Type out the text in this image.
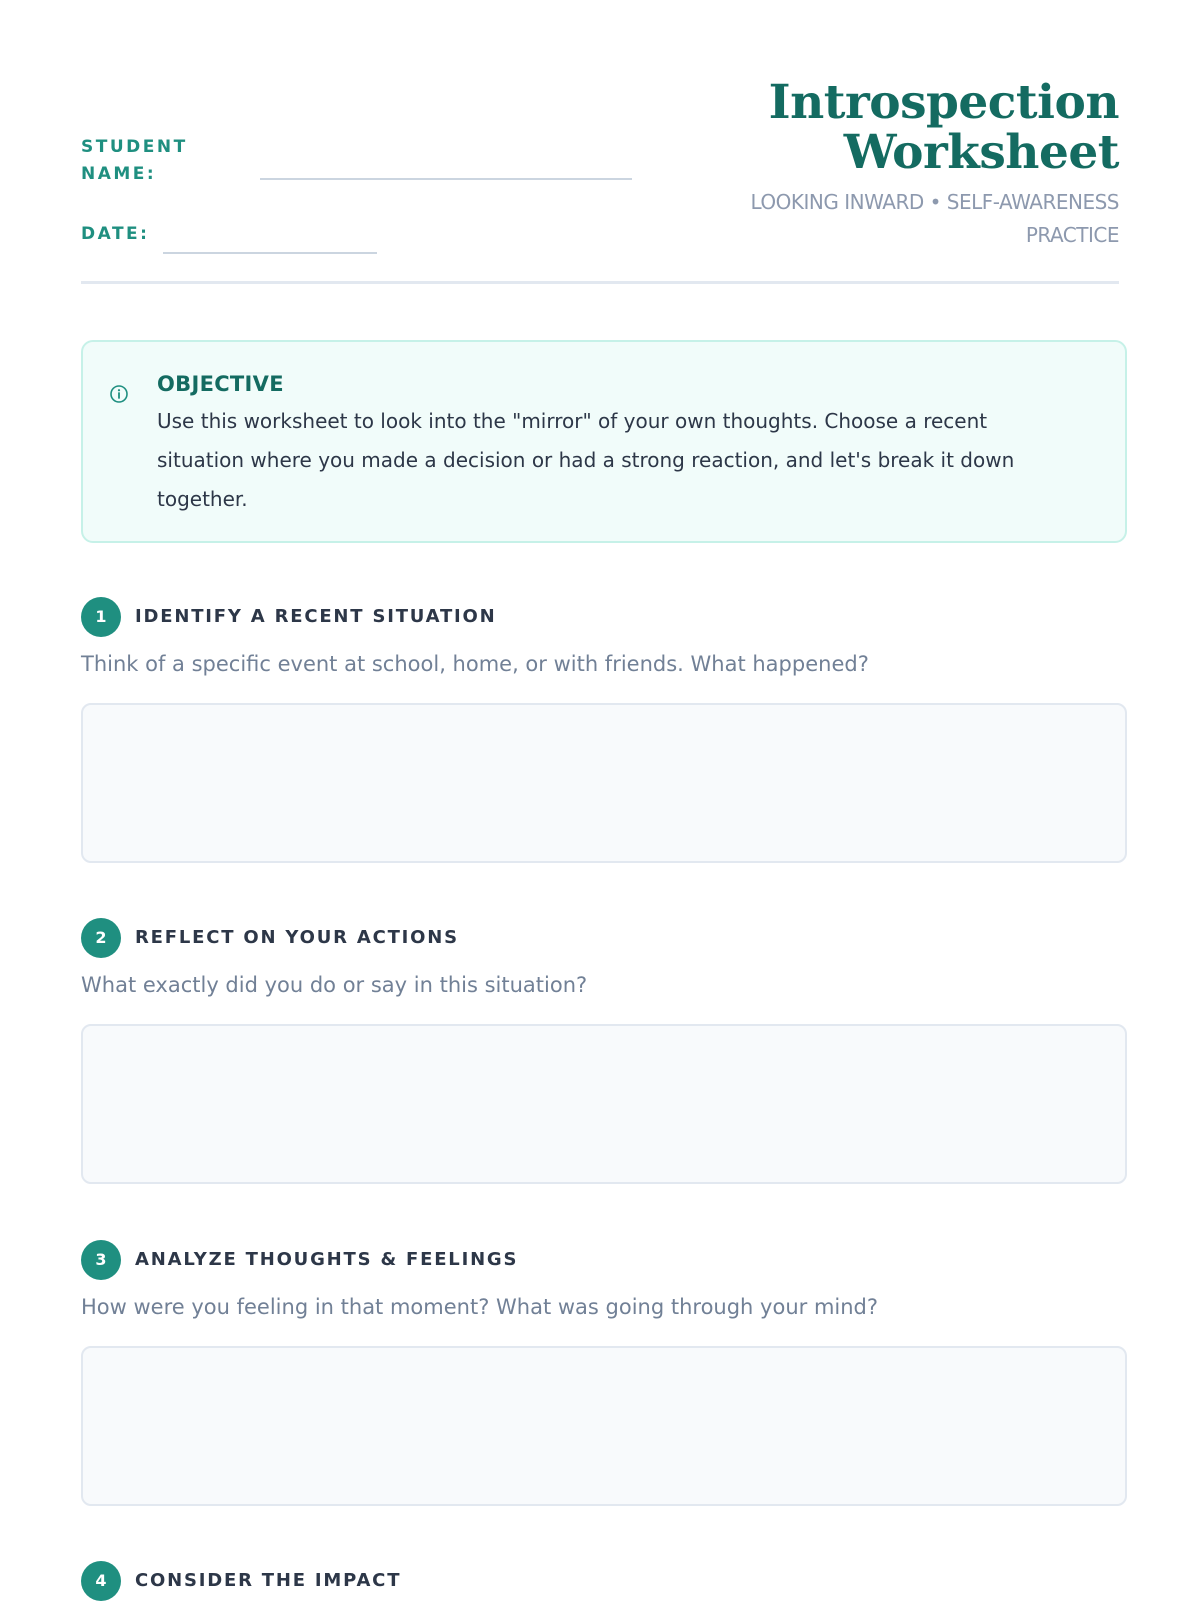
STUDENT NAME:
DATE:
Introspection
Worksheet
LOOKING INWARD • SELF-AWARENESS PRACTICE
OBJECTIVE
Use this worksheet to look into the "mirror" of your own thoughts. Choose a recent situation where you made a decision or had a strong reaction, and let's break it down together.
1	IDENTIFY A RECENT SITUATION
Think of a specific event at school, home, or with friends. What happened?
2	REFLECT ON YOUR ACTIONS
What exactly did you do or say in this situation?
3	ANALYZE THOUGHTS & FEELINGS
How were you feeling in that moment? What was going through your mind?
4	CONSIDER THE IMPACT
